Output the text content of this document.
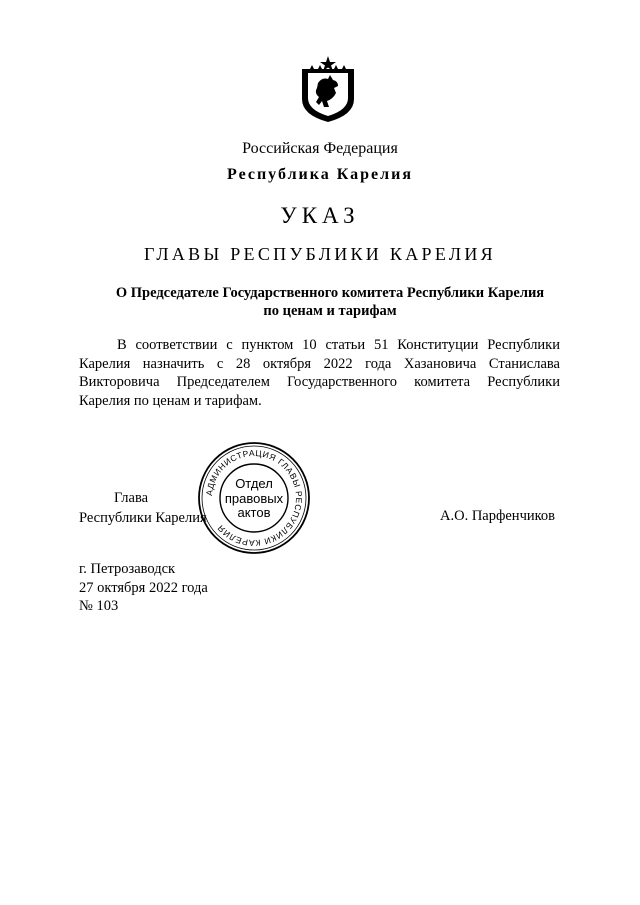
Российская Федерация
Республика Карелия
УКАЗ
ГЛАВЫ РЕСПУБЛИКИ КАРЕЛИЯ
О Председателе Государственного комитета Республики Карелия
по ценам и тарифам
В соответствии с пунктом 10 статьи 51 Конституции Республики Карелия назначить с 28 октября 2022 года Хазановича Станислава Викторовича Председателем Государственного комитета Республики Карелия по ценам и тарифам.
Глава
Республики Карелия	А.О. Парфенчиков
АДМИНИСТРАЦИЯ ГЛАВЫ РЕСПУБЛИКИ КАРЕЛИЯ
Отдел
правовых
актов
г. Петрозаводск
27 октября 2022 года
№ 103
